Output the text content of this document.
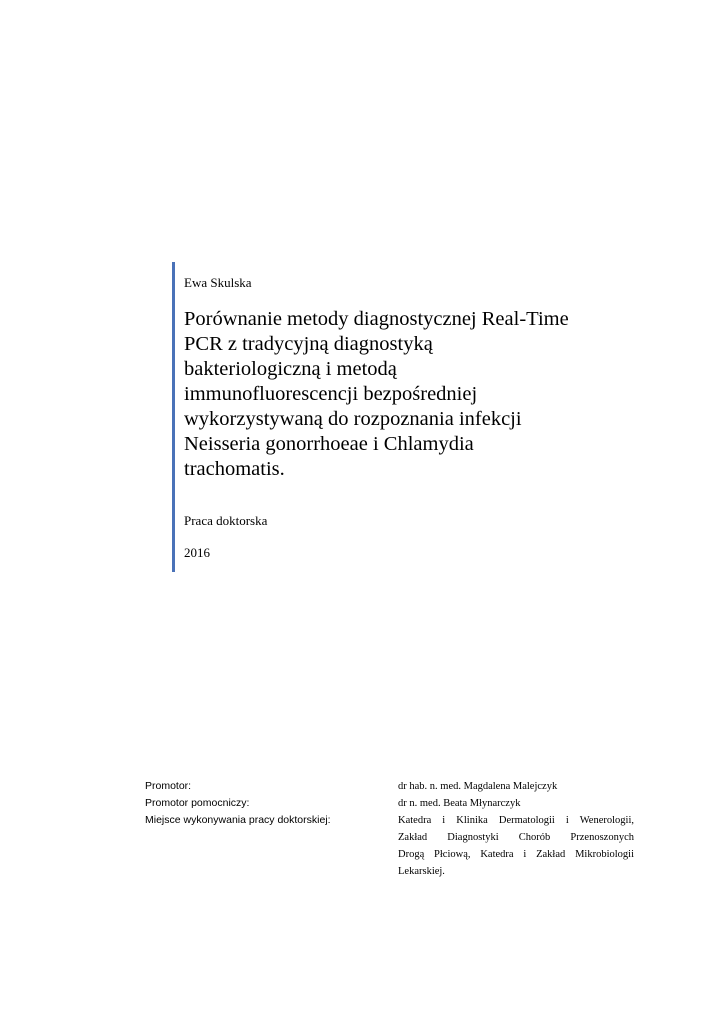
Ewa Skulska
Porównanie metody diagnostycznej Real-Time
PCR z tradycyjną diagnostyką
bakteriologiczną i metodą
immunofluorescencji bezpośredniej
wykorzystywaną do rozpoznania infekcji
Neisseria gonorrhoeae i Chlamydia
trachomatis.
Praca doktorska
2016
Promotor:	dr hab. n. med. Magdalena Malejczyk
Promotor pomocniczy:	dr n. med. Beata Młynarczyk
Miejsce wykonywania pracy doktorskiej:	Katedra i Klinika Dermatologii i Wenerologii,
Zakład Diagnostyki Chorób Przenoszonych
Drogą Płciową, Katedra i Zakład Mikrobiologii
Lekarskiej.
